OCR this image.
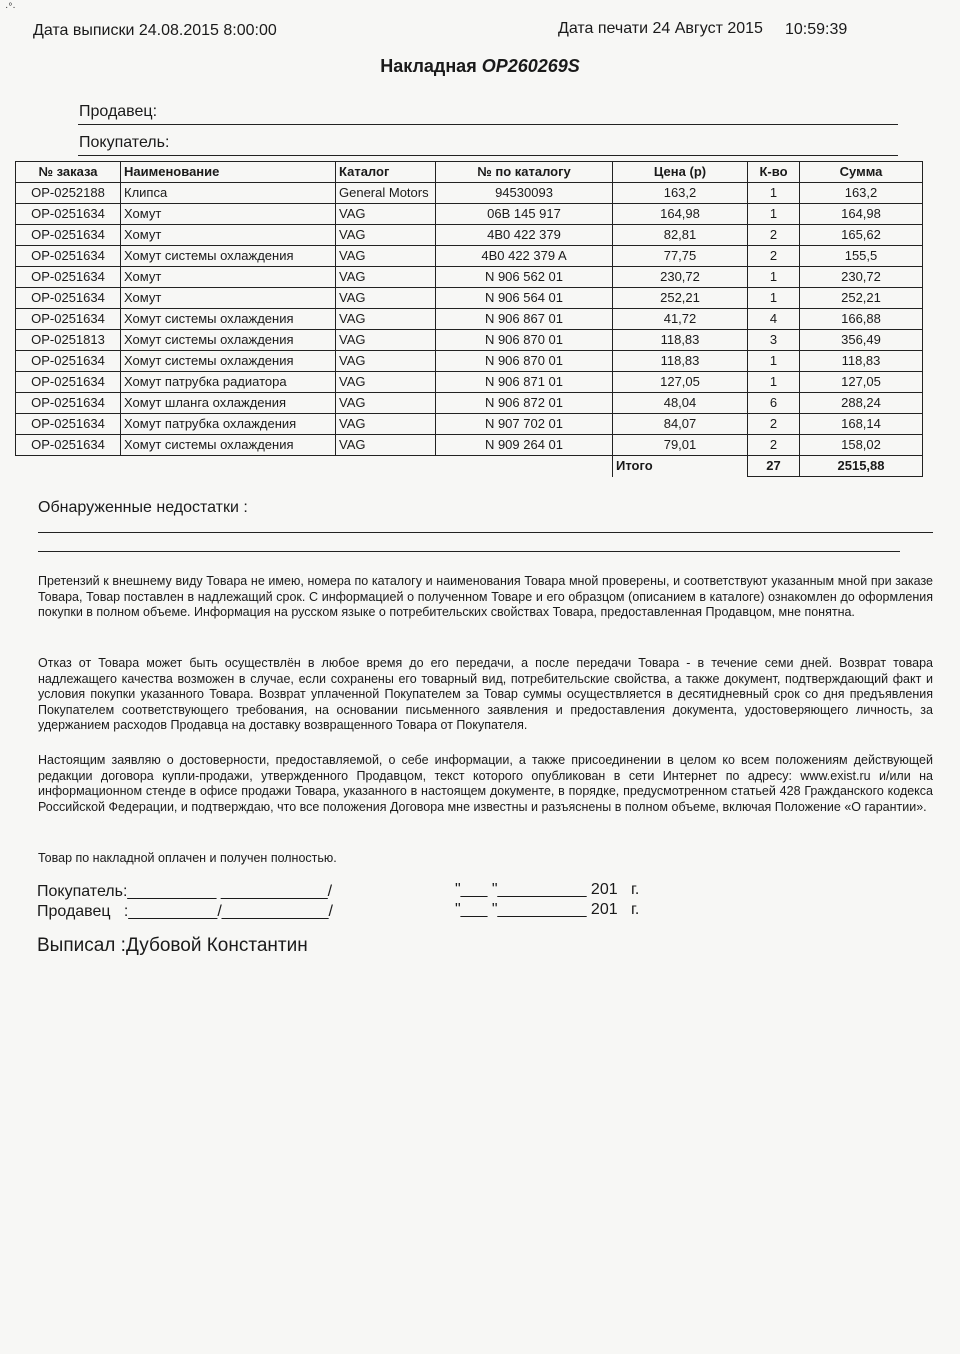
·°·
Дата выписки 24.08.2015 8:00:00	Дата печати 24 Август 2015 10:59:39
Накладная OP260269S
Продавец:
Покупатель:
№ заказа	Наименование	Каталог	№ по каталогу	Цена (р)	К-во	Сумма
OP-0252188	Клипса	General Motors	94530093	163,2	1	163,2
OP-0251634	Хомут	VAG	06B 145 917	164,98	1	164,98
OP-0251634	Хомут	VAG	4B0 422 379	82,81	2	165,62
OP-0251634	Хомут системы охлаждения	VAG	4B0 422 379 A	77,75	2	155,5
OP-0251634	Хомут	VAG	N 906 562 01	230,72	1	230,72
OP-0251634	Хомут	VAG	N 906 564 01	252,21	1	252,21
OP-0251634	Хомут системы охлаждения	VAG	N 906 867 01	41,72	4	166,88
OP-0251813	Хомут системы охлаждения	VAG	N 906 870 01	118,83	3	356,49
OP-0251634	Хомут системы охлаждения	VAG	N 906 870 01	118,83	1	118,83
OP-0251634	Хомут патрубка радиатора	VAG	N 906 871 01	127,05	1	127,05
OP-0251634	Хомут шланга охлаждения	VAG	N 906 872 01	48,04	6	288,24
OP-0251634	Хомут патрубка охлаждения	VAG	N 907 702 01	84,07	2	168,14
OP-0251634	Хомут системы охлаждения	VAG	N 909 264 01	79,01	2	158,02
				Итого	27	2515,88
Обнаруженные недостатки :
Претензий к внешнему виду Товара не имею, номера по каталогу и наименования Товара мной проверены, и соответствуют указанным мной при заказе Товара, Товар поставлен в надлежащий срок. С информацией о полученном Товаре и его образцом (описанием в каталоге) ознакомлен до оформления покупки в полном объеме. Информация на русском языке о потребительских свойствах Товара, предоставленная Продавцом, мне понятна.
Отказ от Товара может быть осуществлён в любое время до его передачи, а после передачи Товара - в течение семи дней. Возврат товара надлежащего качества возможен в случае, если сохранены его товарный вид, потребительские свойства, а также документ, подтверждающий факт и условия покупки указанного Товара. Возврат уплаченной Покупателем за Товар суммы осуществляется в десятидневный срок со дня предъявления Покупателем соответствующего требования, на основании письменного заявления и предоставления документа, удостоверяющего личность, за удержанием расходов Продавца на доставку возвращенного Товара от Покупателя.
Настоящим заявляю о достоверности, предоставляемой, о себе информации, а также присоединении в целом ко всем положениям действующей редакции договора купли-продажи, утвержденного Продавцом, текст которого опубликован в сети Интернет по адресу: www.exist.ru и/или на информационном стенде в офисе продажи Товара, указанного в настоящем документе, в порядке, предусмотренном статьей 428 Гражданского кодекса Российской Федерации, и подтверждаю, что все положения Договора мне известны и разъяснены в полном объеме, включая Положение «О гарантии».
Товар по накладной оплачен и получен полностью.
Покупатель:__________ ____________/
Продавец   :__________/____________/
"___ "__________ 201   г.
"___ "__________ 201   г.
Выписал :Дубовой Константин
